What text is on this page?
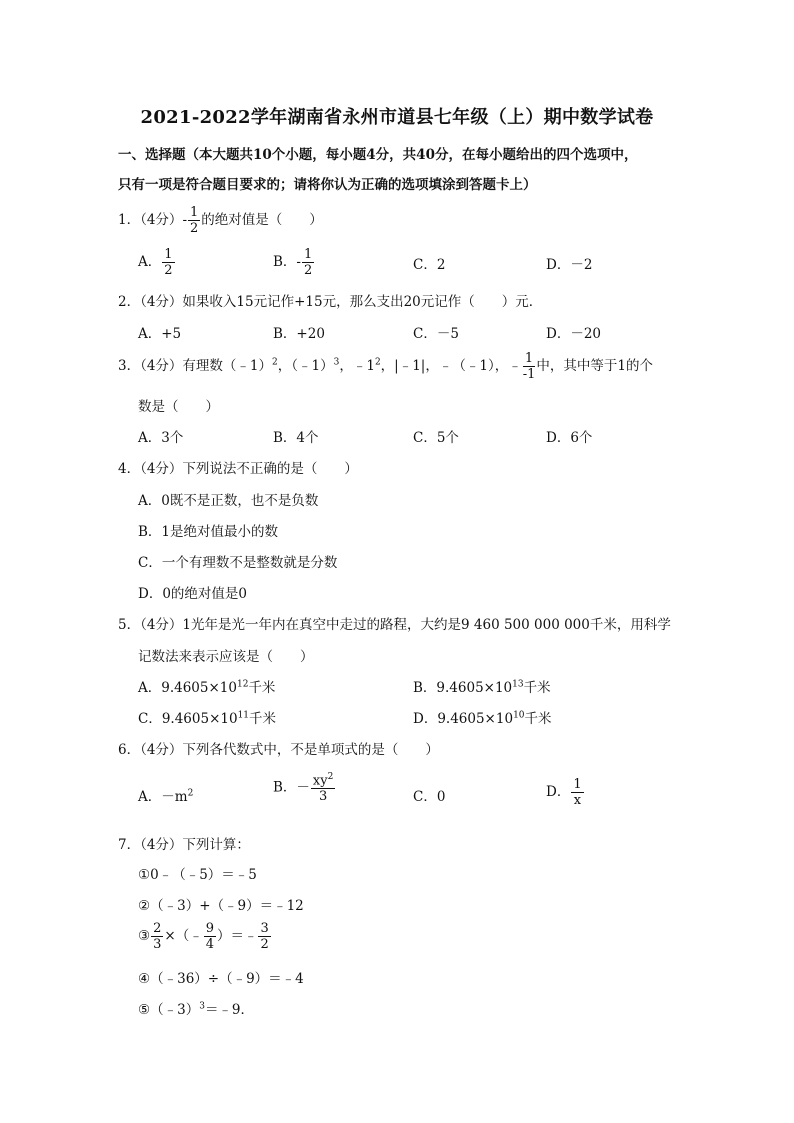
2021-2022学年湖南省永州市道县七年级（上）期中数学试卷
一、选择题（本大题共10个小题，每小题4分，共40分，在每小题给出的四个选项中，
只有一项是符合题目要求的；请将你认为正确的选项填涂到答题卡上）
1．（4分）- $\frac{1}{2}$ 的绝对值是（　　）
A． $\frac{1}{2}$	B．- $\frac{1}{2}$	C．2	D．－2
2．（4分）如果收入15元记作+15元，那么支出20元记作（　　）元．
A．+5	B．+20	C．－5	D．－20
3．（4分）有理数（﹣1）$^2$，（﹣1）$^3$，$﹣1^2$，|﹣1|，﹣（﹣1），﹣ $\frac{1}{-1}$ 中，其中等于1的个
数是（　　）
A．3个	B．4个	C．5个	D．6个
4．（4分）下列说法不正确的是（　　）
A．0既不是正数，也不是负数
B．1是绝对值最小的数
C．一个有理数不是整数就是分数
D．0的绝对值是0
5．（4分）1光年是光一年内在真空中走过的路程，大约是9 460 500 000 000千米，用科学
记数法来表示应该是（　　）
A．$9.4605\times 10^{12}$千米	B．$9.4605\times 10^{13}$千米
C．$9.4605\times 10^{11}$千米	D．$9.4605\times 10^{10}$千米
6．（4分）下列各代数式中，不是单项式的是（　　）
A．$-m^2$	B．－ $\frac{xy^2}{3}$	C．0	D． $\frac{1}{x}$
7．（4分）下列计算：
①0﹣（﹣5）＝﹣5
②（﹣3）+（﹣9）＝﹣12
③ $\frac{2}{3}$ ×（﹣ $\frac{9}{4}$ ）＝﹣ $\frac{3}{2}$
④（﹣36）÷（﹣9）＝﹣4
⑤（﹣3）$^3$＝﹣9．
